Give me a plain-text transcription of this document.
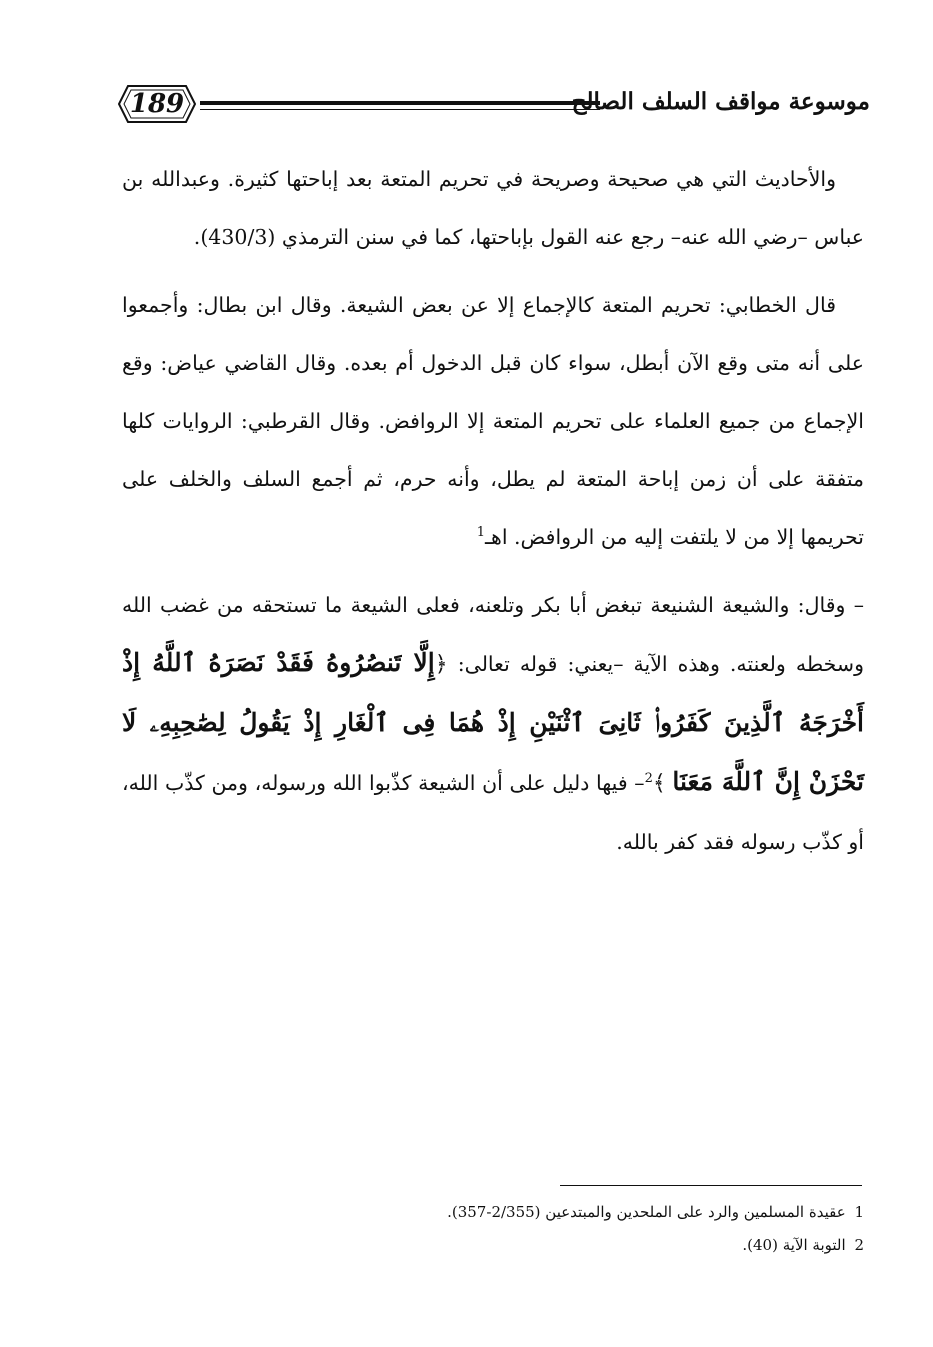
189	موسوعة مواقف السلف الصالح

والأحاديث التي هي صحيحة وصريحة في تحريم المتعة بعد إباحتها كثيرة. وعبدالله بن عباس –رضي الله عنه– رجع عنه القول بإباحتها، كما في سنن الترمذي (430/3).

قال الخطابي: تحريم المتعة كالإجماع إلا عن بعض الشيعة. وقال ابن بطال: وأجمعوا على أنه متى وقع الآن أبطل، سواء كان قبل الدخول أم بعده. وقال القاضي عياض: وقع الإجماع من جميع العلماء على تحريم المتعة إلا الروافض. وقال القرطبي: الروايات كلها متفقة على أن زمن إباحة المتعة لم يطل، وأنه حرم، ثم أجمع السلف والخلف على تحريمها إلا من لا يلتفت إليه من الروافض. اهـ$^1$

– وقال: والشيعة الشنيعة تبغض أبا بكر وتلعنه، فعلى الشيعة ما تستحقه من غضب الله وسخطه ولعنته. وهذه الآية –يعني: قوله تعالى: ﴿إِلَّا تَنصُرُوهُ فَقَدْ نَصَرَهُ ٱللَّهُ إِذْ أَخْرَجَهُ ٱلَّذِينَ كَفَرُوا۟ ثَانِىَ ٱثْنَيْنِ إِذْ هُمَا فِى ٱلْغَارِ إِذْ يَقُولُ لِصَٰحِبِهِۦ لَا تَحْزَنْ إِنَّ ٱللَّهَ مَعَنَا ﴾$^2$– فيها دليل على أن الشيعة كذّبوا الله ورسوله، ومن كذّب الله، أو كذّب رسوله فقد كفر بالله.

1 عقيدة المسلمين والرد على الملحدين والمبتدعين (2/355-357).
2 التوبة الآية (40).
